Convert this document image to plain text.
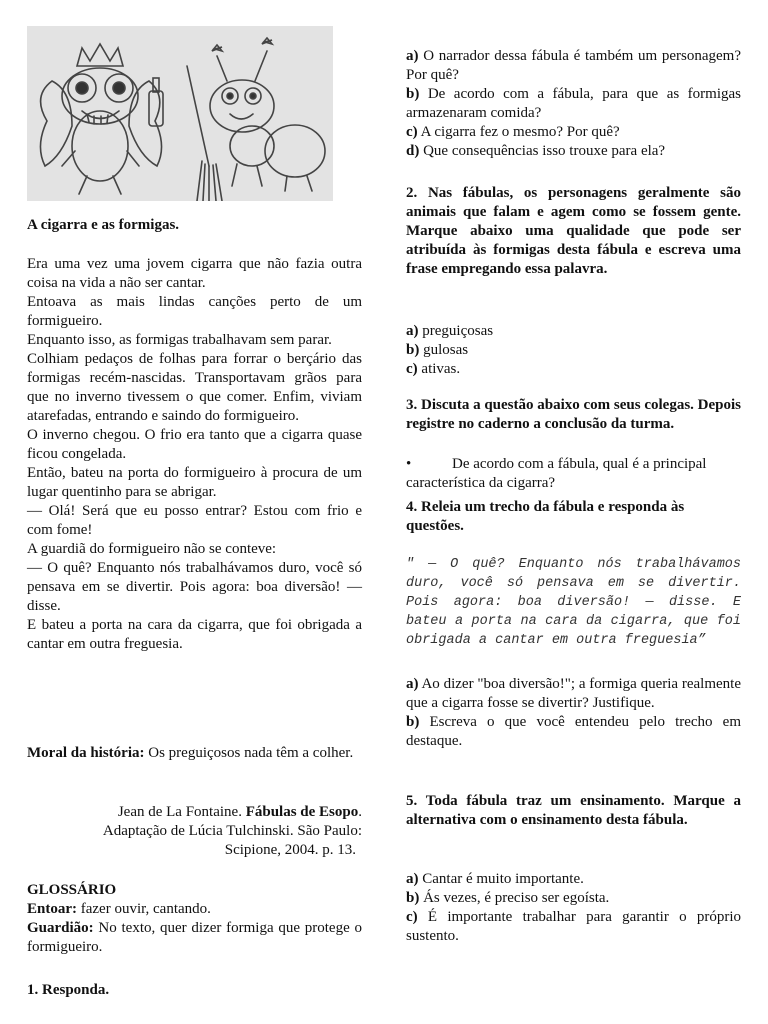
A cigarra e as formigas.

Era uma vez uma jovem cigarra que não fazia outra coisa na vida a não ser cantar.

Entoava as mais lindas canções perto de um formigueiro.

Enquanto isso, as formigas trabalhavam sem parar.

Colhiam pedaços de folhas para forrar o berçário das formigas recém-nascidas. Transportavam grãos para que no inverno tivessem o que comer. Enfim, viviam atarefadas, entrando e saindo do formigueiro.

O inverno chegou. O frio era tanto que a cigarra quase ficou congelada.

Então, bateu na porta do formigueiro à procura de um lugar quentinho para se abrigar.

— Olá! Será que eu posso entrar? Estou com frio e com fome!

A guardiã do formigueiro não se conteve:

— O quê? Enquanto nós trabalhávamos duro, você só pensava em se divertir. Pois agora: boa diversão! — disse.

E bateu a porta na cara da cigarra, que foi obrigada a cantar em outra freguesia.

Moral da história: Os preguiçosos nada têm a colher.

Jean de La Fontaine. Fábulas de Esopo.

Adaptação de Lúcia Tulchinski. São Paulo:

Scipione, 2004. p. 13.

GLOSSÁRIO

Entoar: fazer ouvir, cantando.

Guardião: No texto, quer dizer formiga que protege o formigueiro.

1. Responda.

a) O narrador dessa fábula é também um personagem? Por quê?

b) De acordo com a fábula, para que as formigas armazenaram comida?

c) A cigarra fez o mesmo? Por quê?

d) Que consequências isso trouxe para ela?

2. Nas fábulas, os personagens geralmente são animais que falam e agem como se fossem gente. Marque abaixo uma qualidade que pode ser atribuída às formigas desta fábula e escreva uma frase empregando essa palavra.

a) preguiçosas

b) gulosas

c) ativas.

3. Discuta a questão abaixo com seus colegas. Depois registre no caderno a conclusão da turma.

•	De acordo com a fábula, qual é a principal característica da cigarra?

4. Releia um trecho da fábula e responda às questões.

" — O quê? Enquanto nós trabalhávamos duro, você só pensava em se divertir. Pois agora: boa diversão! — disse. E bateu a porta na cara da cigarra, que foi obrigada a cantar em outra freguesia”

a) Ao dizer "boa diversão!"; a formiga queria realmente que a cigarra fosse se divertir? Justifique.

b) Escreva o que você entendeu pelo trecho em destaque.

5. Toda fábula traz um ensinamento. Marque a alternativa com o ensinamento desta fábula.

a) Cantar é muito importante.

b) Ás vezes, é preciso ser egoísta.

c) É importante trabalhar para garantir o próprio sustento.
